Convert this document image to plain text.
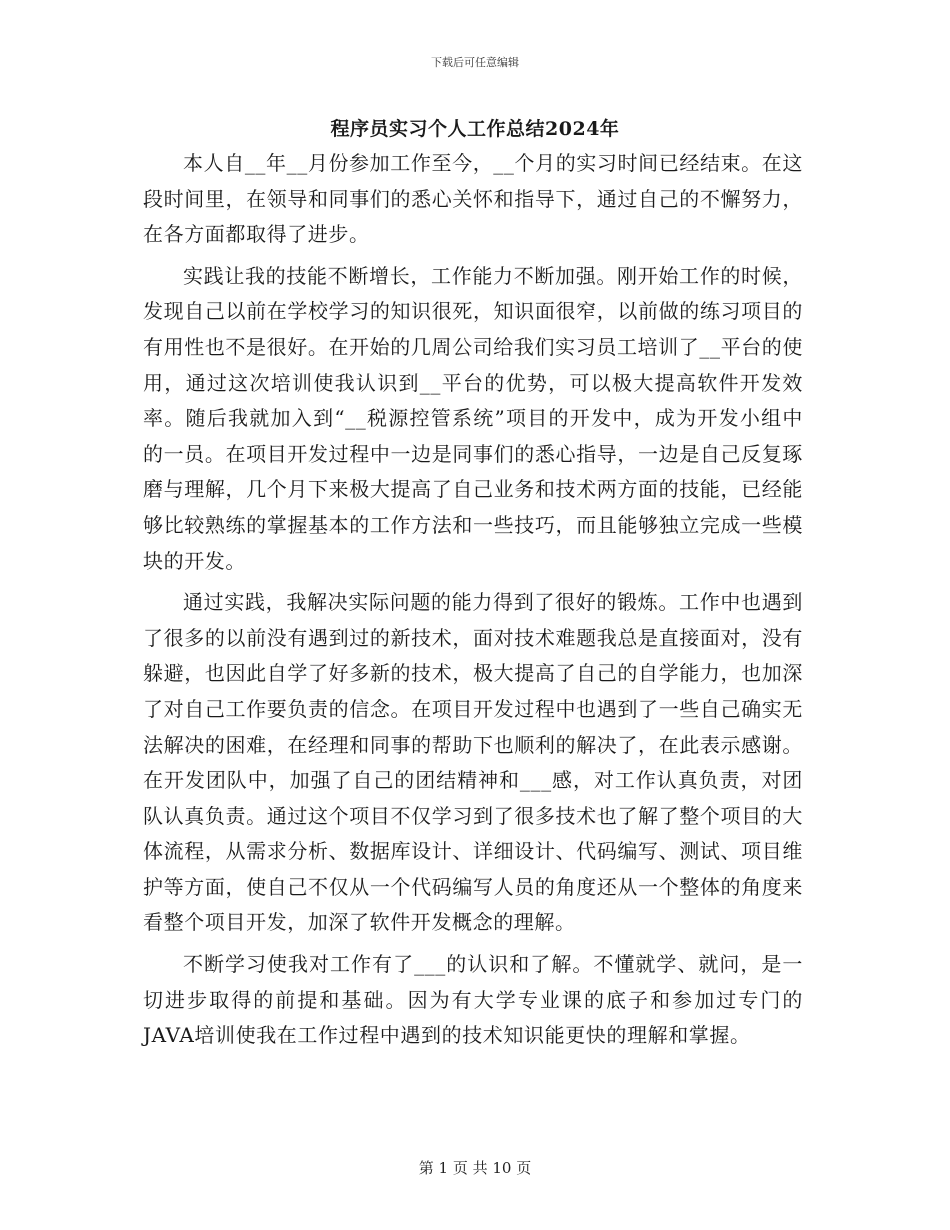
下载后可任意编辑
程序员实习个人工作总结2024年

本人自__年__月份参加工作至今，__个月的实习时间已经结束。在这段时间里，在领导和同事们的悉心关怀和指导下，通过自己的不懈努力，在各方面都取得了进步。

实践让我的技能不断增长，工作能力不断加强。刚开始工作的时候，发现自己以前在学校学习的知识很死，知识面很窄，以前做的练习项目的有用性也不是很好。在开始的几周公司给我们实习员工培训了__平台的使用，通过这次培训使我认识到__平台的优势，可以极大提高软件开发效率。随后我就加入到“__税源控管系统”项目的开发中，成为开发小组中的一员。在项目开发过程中一边是同事们的悉心指导，一边是自己反复琢磨与理解，几个月下来极大提高了自己业务和技术两方面的技能，已经能够比较熟练的掌握基本的工作方法和一些技巧，而且能够独立完成一些模块的开发。

通过实践，我解决实际问题的能力得到了很好的锻炼。工作中也遇到了很多的以前没有遇到过的新技术，面对技术难题我总是直接面对，没有躲避，也因此自学了好多新的技术，极大提高了自己的自学能力，也加深了对自己工作要负责的信念。在项目开发过程中也遇到了一些自己确实无法解决的困难，在经理和同事的帮助下也顺利的解决了，在此表示感谢。在开发团队中，加强了自己的团结精神和___感，对工作认真负责，对团队认真负责。通过这个项目不仅学习到了很多技术也了解了整个项目的大体流程，从需求分析、数据库设计、详细设计、代码编写、测试、项目维护等方面，使自己不仅从一个代码编写人员的角度还从一个整体的角度来看整个项目开发，加深了软件开发概念的理解。

不断学习使我对工作有了___的认识和了解。不懂就学、就问，是一切进步取得的前提和基础。因为有大学专业课的底子和参加过专门的JAVA培训使我在工作过程中遇到的技术知识能更快的理解和掌握。

第 1 页 共 10 页
